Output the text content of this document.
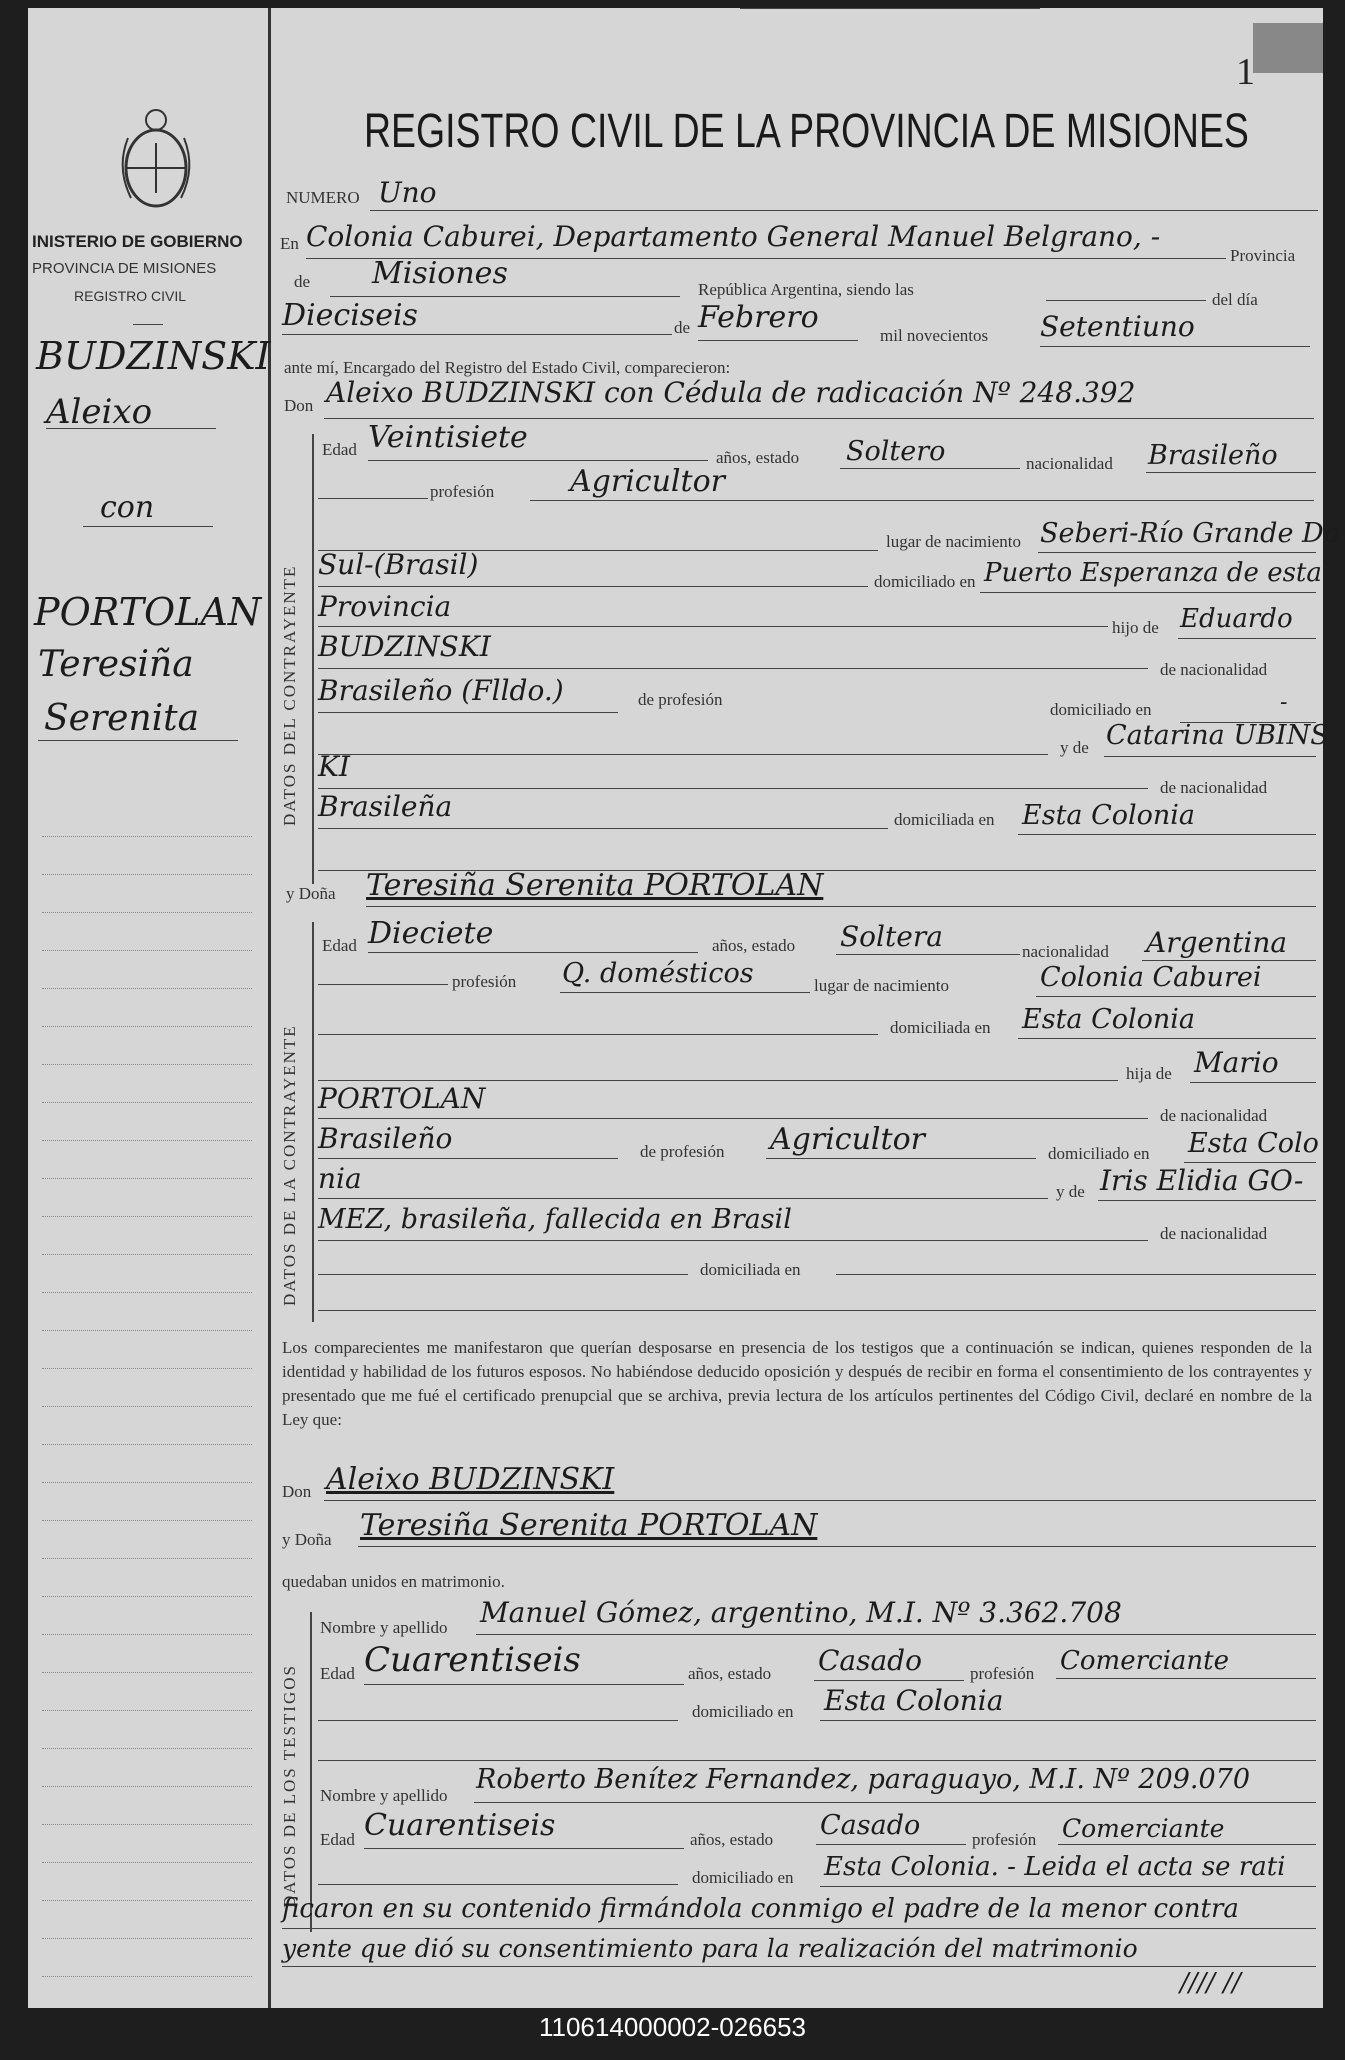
INISTERIO DE GOBIERNO
PROVINCIA DE MISIONES
REGISTRO CIVIL
BUDZINSKI
Aleixo
con
PORTOLAN
Teresiña
Serenita
1
REGISTRO CIVIL DE LA PROVINCIA DE MISIONES
NUMERO Uno
En Colonia Caburei, Departamento General Manuel Belgrano, -
Provincia
de Misiones	República Argentina, siendo las
del día
Dieciseis	de Febrero
mil novecientos Setentiuno
ante mí, Encargado del Registro del Estado Civil, comparecieron:
Don Aleixo BUDZINSKI con Cédula de radicación Nº 248.392
DATOS DEL CONTRAYENTE
Edad Veintisiete
años, estado Soltero	nacionalidad Brasileño
profesión	Agricultor
lugar de nacimiento Seberi-Río Grande Do
Sul-(Brasil)
domiciliado en Puerto Esperanza de esta
Provincia
hijo de Eduardo
BUDZINSKI
de nacionalidad
Brasileño (Flldo.)	de profesión
domiciliado en	-
y de Catarina UBINS
KI
de nacionalidad
Brasileña	domiciliada en Esta Colonia
y Doña Teresiña Serenita PORTOLAN
DATOS DE LA CONTRAYENTE
Edad Dieciete	años, estado Soltera	nacionalidad Argentina
profesión Q. domésticos	lugar de nacimiento	Colonia Caburei
domiciliada en Esta Colonia
hija de Mario
PORTOLAN
de nacionalidad
Brasileño	de profesión Agricultor	domiciliado en Esta Colo
nia	y de Iris Elidia GO-
MEZ, brasileña, fallecida en Brasil	de nacionalidad
domiciliada en
Los comparecientes me manifestaron que querían desposarse en presencia de los testigos que a continuación se indican, quienes responden de la identidad y habilidad de los futuros esposos. No habiéndose deducido oposición y después de recibir en forma el consentimiento de los contrayentes y presentado que me fué el certificado prenupcial que se archiva, previa lectura de los artículos pertinentes del Código Civil, declaré en nombre de la Ley que:
Don Aleixo BUDZINSKI
y Doña Teresiña Serenita PORTOLAN
quedaban unidos en matrimonio.
DATOS DE LOS TESTIGOS
Nombre y apellido Manuel Gómez, argentino, M.I. Nº 3.362.708
Edad Cuarentiseis	años, estado Casado	profesión Comerciante
domiciliado en Esta Colonia
Nombre y apellido
Roberto Benítez Fernandez, paraguayo, M.I. Nº 209.070
Edad Cuarentiseis	años, estado Casado	profesión Comerciante
domiciliado en Esta Colonia. - Leida el acta se rati
ficaron en su contenido firmándola conmigo el padre de la menor contra
yente que dió su consentimiento para la realización del matrimonio
//// //
110614000002-026653
